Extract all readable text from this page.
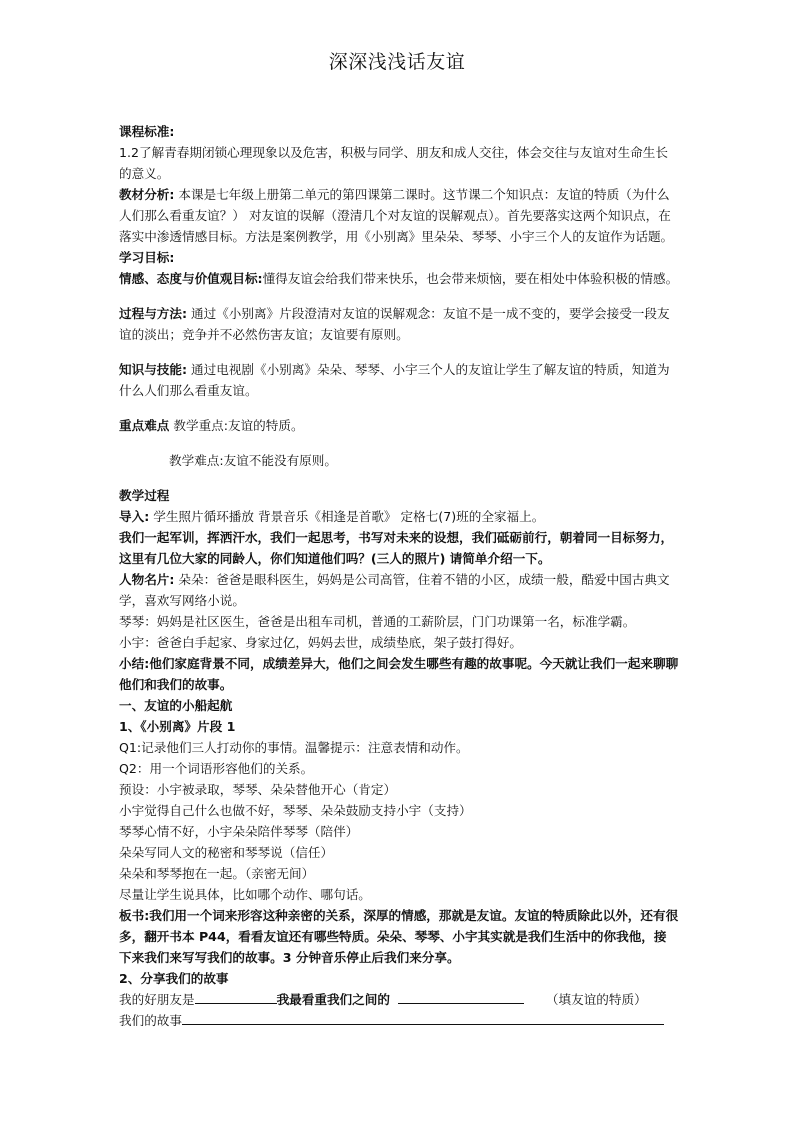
深深浅浅话友谊

课程标准:

1.2了解青春期闭锁心理现象以及危害，积极与同学、朋友和成人交往，体会交往与友谊对生命生长的意义。

教材分析: 本课是七年级上册第二单元的第四课第二课时。这节课二个知识点：友谊的特质（为什么人们那么看重友谊？） 对友谊的误解（澄清几个对友谊的误解观点）。首先要落实这两个知识点，在落实中渗透情感目标。方法是案例教学，用《小别离》里朵朵、琴琴、小宇三个人的友谊作为话题。

学习目标:

情感、态度与价值观目标:懂得友谊会给我们带来快乐，也会带来烦恼，要在相处中体验积极的情感。

过程与方法: 通过《小别离》片段澄清对友谊的误解观念：友谊不是一成不变的，要学会接受一段友谊的淡出；竞争并不必然伤害友谊；友谊要有原则。

知识与技能: 通过电视剧《小别离》朵朵、琴琴、小宇三个人的友谊让学生了解友谊的特质，知道为什么人们那么看重友谊。

重点难点 教学重点:友谊的特质。

教学难点:友谊不能没有原则。

教学过程

导入: 学生照片循环播放 背景音乐《相逢是首歌》 定格七(7)班的全家福上。

我们一起军训，挥洒汗水，我们一起思考，书写对未来的设想，我们砥砺前行，朝着同一目标努力，这里有几位大家的同龄人，你们知道他们吗？(三人的照片) 请简单介绍一下。

人物名片: 朵朵：爸爸是眼科医生，妈妈是公司高管，住着不错的小区，成绩一般，酷爱中国古典文学，喜欢写网络小说。

琴琴：妈妈是社区医生，爸爸是出租车司机，普通的工薪阶层，门门功课第一名，标准学霸。

小宇：爸爸白手起家、身家过亿，妈妈去世，成绩垫底，架子鼓打得好。

小结:他们家庭背景不同，成绩差异大，他们之间会发生哪些有趣的故事呢。今天就让我们一起来聊聊他们和我们的故事。

一、友谊的小船起航

1、《小别离》片段 1

Q1:记录他们三人打动你的事情。温馨提示：注意表情和动作。

Q2：用一个词语形容他们的关系。

预设：小宇被录取，琴琴、朵朵替他开心（肯定）

小宇觉得自己什么也做不好，琴琴、朵朵鼓励支持小宇（支持）

琴琴心情不好，小宇朵朵陪伴琴琴（陪伴）

朵朵写同人文的秘密和琴琴说（信任）

朵朵和琴琴抱在一起。（亲密无间）

尽量让学生说具体，比如哪个动作、哪句话。

板书:我们用一个词来形容这种亲密的关系，深厚的情感，那就是友谊。友谊的特质除此以外，还有很多，翻开书本 P44，看看友谊还有哪些特质。朵朵、琴琴、小宇其实就是我们生活中的你我他，接下来我们来写写我们的故事。3 分钟音乐停止后我们来分享。

2、分享我们的故事

我的好朋友是	我最看重我们之间的	（填友谊的特质）

我们的故事
